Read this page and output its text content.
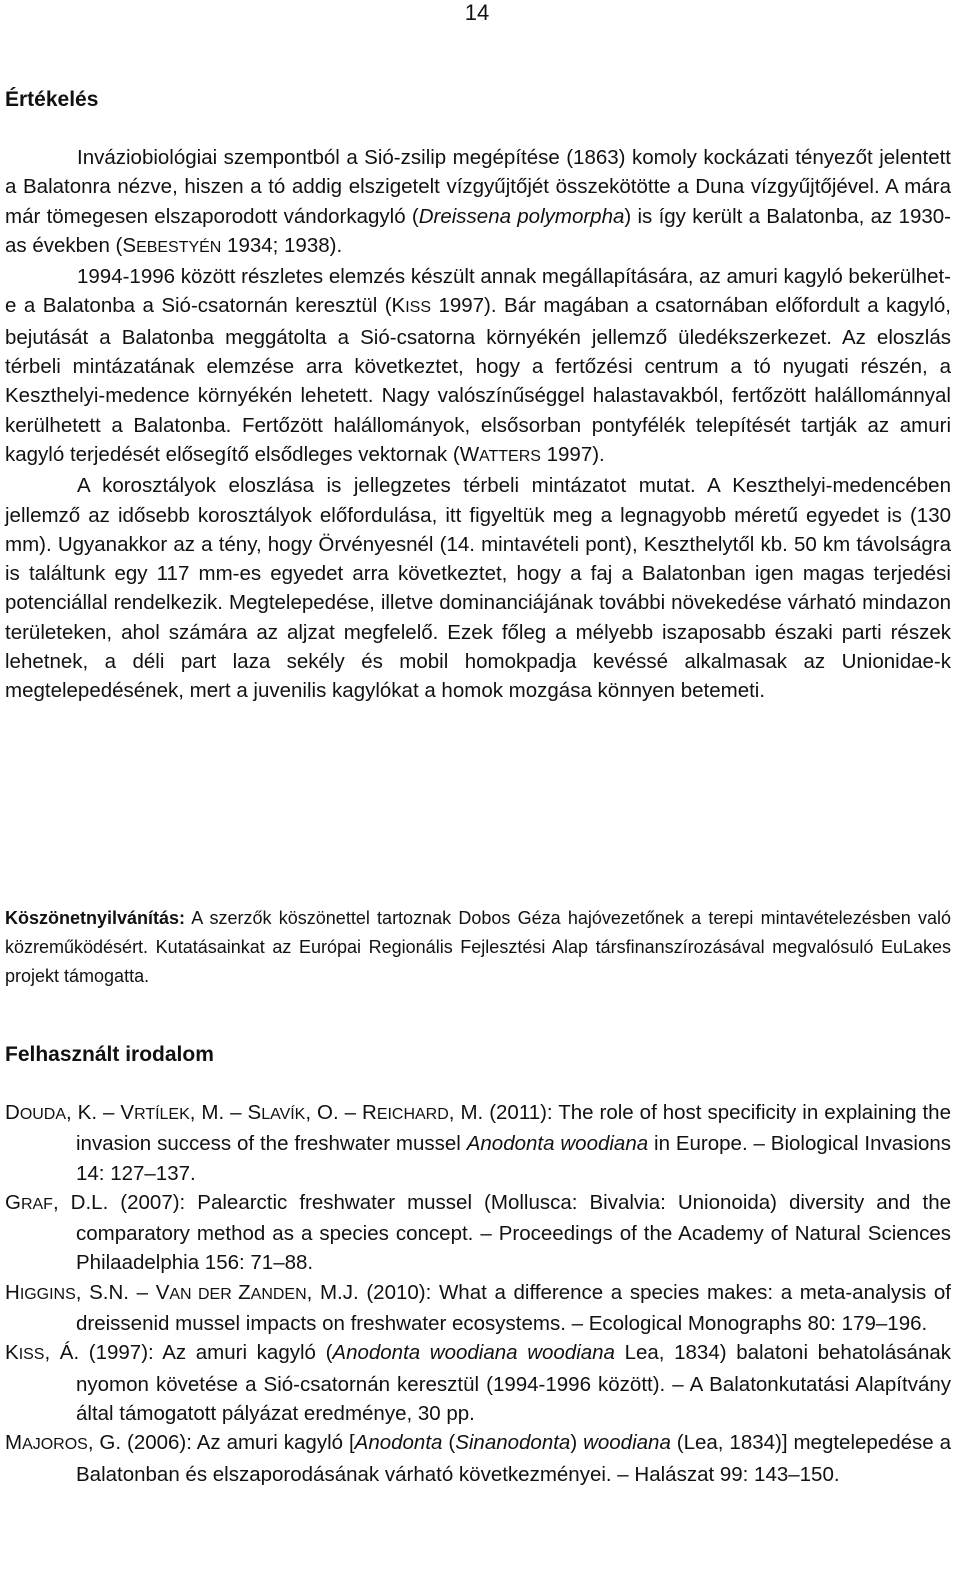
14
Értékelés

Inváziobiológiai szempontból a Sió-zsilip megépítése (1863) komoly kockázati tényezőt jelentett a Balatonra nézve, hiszen a tó addig elszigetelt vízgyűjtőjét összekötötte a Duna vízgyűjtőjével. A mára már tömegesen elszaporodott vándorkagyló (Dreissena polymorpha) is így került a Balatonba, az 1930-as években (SEBESTYÉN 1934; 1938).

1994-1996 között részletes elemzés készült annak megállapítására, az amuri kagyló bekerülhet-e a Balatonba a Sió-csatornán keresztül (KISS 1997). Bár magában a csatornában előfordult a kagyló, bejutását a Balatonba meggátolta a Sió-csatorna környékén jellemző üledékszerkezet. Az eloszlás térbeli mintázatának elemzése arra következtet, hogy a fertőzési centrum a tó nyugati részén, a Keszthelyi-medence környékén lehetett. Nagy valószínűséggel halastavakból, fertőzött halállománnyal kerülhetett a Balatonba. Fertőzött halállományok, elsősorban pontyfélék telepítését tartják az amuri kagyló terjedését elősegítő elsődleges vektornak (WATTERS 1997).

A korosztályok eloszlása is jellegzetes térbeli mintázatot mutat. A Keszthelyi-medencében jellemző az idősebb korosztályok előfordulása, itt figyeltük meg a legnagyobb méretű egyedet is (130 mm). Ugyanakkor az a tény, hogy Örvényesnél (14. mintavételi pont), Keszthelytől kb. 50 km távolságra is találtunk egy 117 mm-es egyedet arra következtet, hogy a faj a Balatonban igen magas terjedési potenciállal rendelkezik. Megtelepedése, illetve dominanciájának további növekedése várható mindazon területeken, ahol számára az aljzat megfelelő. Ezek főleg a mélyebb iszaposabb északi parti részek lehetnek, a déli part laza sekély és mobil homokpadja kevéssé alkalmasak az Unionidae-k megtelepedésének, mert a juvenilis kagylókat a homok mozgása könnyen betemeti.

Köszönetnyilvánítás: A szerzők köszönettel tartoznak Dobos Géza hajóvezetőnek a terepi mintavételezésben való közreműködésért. Kutatásainkat az Európai Regionális Fejlesztési Alap társfinanszírozásával megvalósuló EuLakes projekt támogatta.

Felhasznált irodalom

DOUDA, K. – VRTÍLEK, M. – SLAVÍK, O. – REICHARD, M. (2011): The role of host specificity in explaining the invasion success of the freshwater mussel Anodonta woodiana in Europe. – Biological Invasions 14: 127–137.

GRAF, D.L. (2007): Palearctic freshwater mussel (Mollusca: Bivalvia: Unionoida) diversity and the comparatory method as a species concept. – Proceedings of the Academy of Natural Sciences Philaadelphia 156: 71–88.

HIGGINS, S.N. – VAN DER ZANDEN, M.J. (2010): What a difference a species makes: a meta-analysis of dreissenid mussel impacts on freshwater ecosystems. – Ecological Monographs 80: 179–196.

KISS, Á. (1997): Az amuri kagyló (Anodonta woodiana woodiana Lea, 1834) balatoni behatolásának nyomon követése a Sió-csatornán keresztül (1994-1996 között). – A Balatonkutatási Alapítvány által támogatott pályázat eredménye, 30 pp.

MAJOROS, G. (2006): Az amuri kagyló [Anodonta (Sinanodonta) woodiana (Lea, 1834)] megtelepedése a Balatonban és elszaporodásának várható következményei. – Halászat 99: 143–150.
